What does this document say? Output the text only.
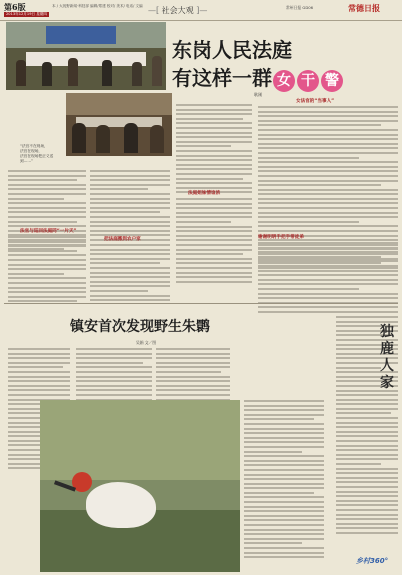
第6版
2013年12月19日 星期四
本 / 大视野新闻·科技部 编辑/郑建 校对/ 美术/ 电话/ 文编 —[ 社会大观 ]—	常州日报 GD06	常德日报
东岗人民法庭
有这样一群 女 干 警
耿刚
“法官不在现场，
法官在现场，
法官在现场把正义送到……”
法官与巡回法庭同“一片天”
把法庭搬到农户家
法庭姐妹情谊浓
女法官的“当事人”
谢谢明明手把手带徒弟
镇安首次发现野生朱鹮
吴娟 文／图
独
鹿
人
家
乡村360°
